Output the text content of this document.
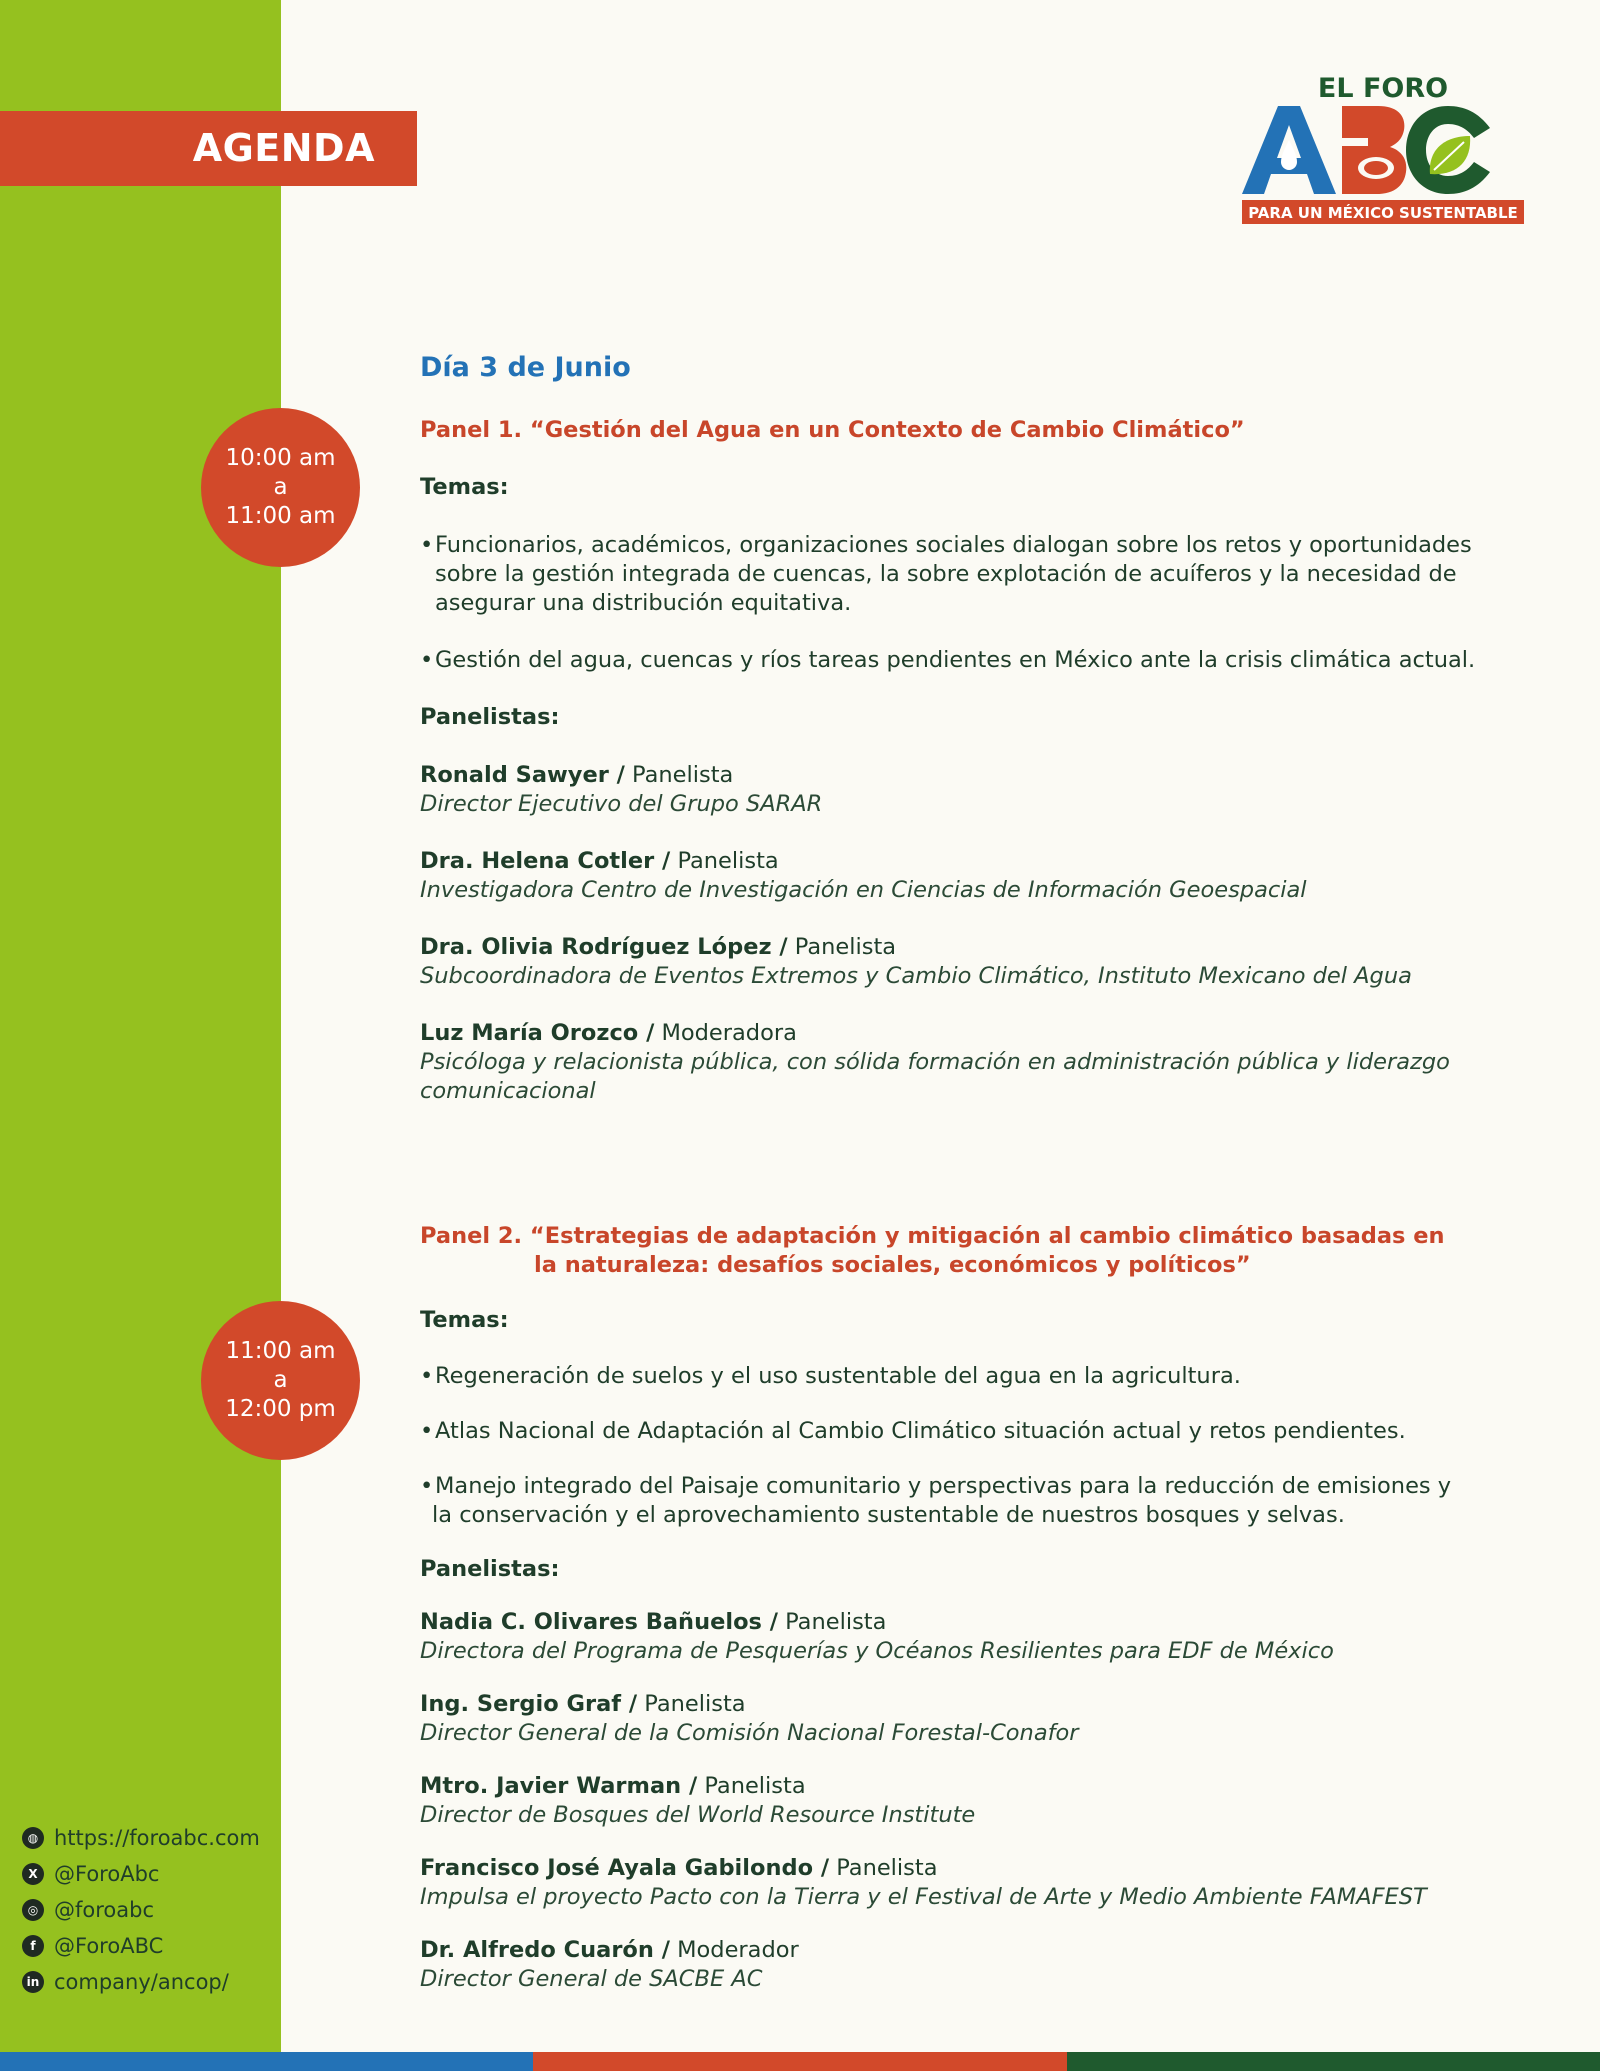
AGENDA
EL FORO
PARA UN MÉXICO SUSTENTABLE
10:00 am
a
11:00 am
11:00 am
a
12:00 pm
Día 3 de Junio
Panel 1. “Gestión del Agua en un Contexto de Cambio Climático”
Temas:
•Funcionarios, académicos, organizaciones sociales dialogan sobre los retos y oportunidades
sobre la gestión integrada de cuencas, la sobre explotación de acuíferos y la necesidad de
asegurar una distribución equitativa.
•Gestión del agua, cuencas y ríos tareas pendientes en México ante la crisis climática actual.
Panelistas:
Ronald Sawyer / Panelista
Director Ejecutivo del Grupo SARAR
Dra. Helena Cotler / Panelista
Investigadora Centro de Investigación en Ciencias de Información Geoespacial
Dra. Olivia Rodríguez López / Panelista
Subcoordinadora de Eventos Extremos y Cambio Climático, Instituto Mexicano del Agua
Luz María Orozco / Moderadora
Psicóloga y relacionista pública, con sólida formación en administración pública y liderazgo
comunicacional
Panel 2. “Estrategias de adaptación y mitigación al cambio climático basadas en
la naturaleza: desafíos sociales, económicos y políticos”
Temas:
•Regeneración de suelos y el uso sustentable del agua en la agricultura.
•Atlas Nacional de Adaptación al Cambio Climático situación actual y retos pendientes.
•Manejo integrado del Paisaje comunitario y perspectivas para la reducción de emisiones y
la conservación y el aprovechamiento sustentable de nuestros bosques y selvas.
Panelistas:
Nadia C. Olivares Bañuelos / Panelista
Directora del Programa de Pesquerías y Océanos Resilientes para EDF de México
Ing. Sergio Graf / Panelista
Director General de la Comisión Nacional Forestal-Conafor
Mtro. Javier Warman / Panelista
Director de Bosques del World Resource Institute
Francisco José Ayala Gabilondo / Panelista
Impulsa el proyecto Pacto con la Tierra y el Festival de Arte y Medio Ambiente FAMAFEST
Dr. Alfredo Cuarón / Moderador
Director General de SACBE AC
◍ https://foroabc.com
X @ForoAbc
◎ @foroabc
f @ForoABC
in company/ancop/
